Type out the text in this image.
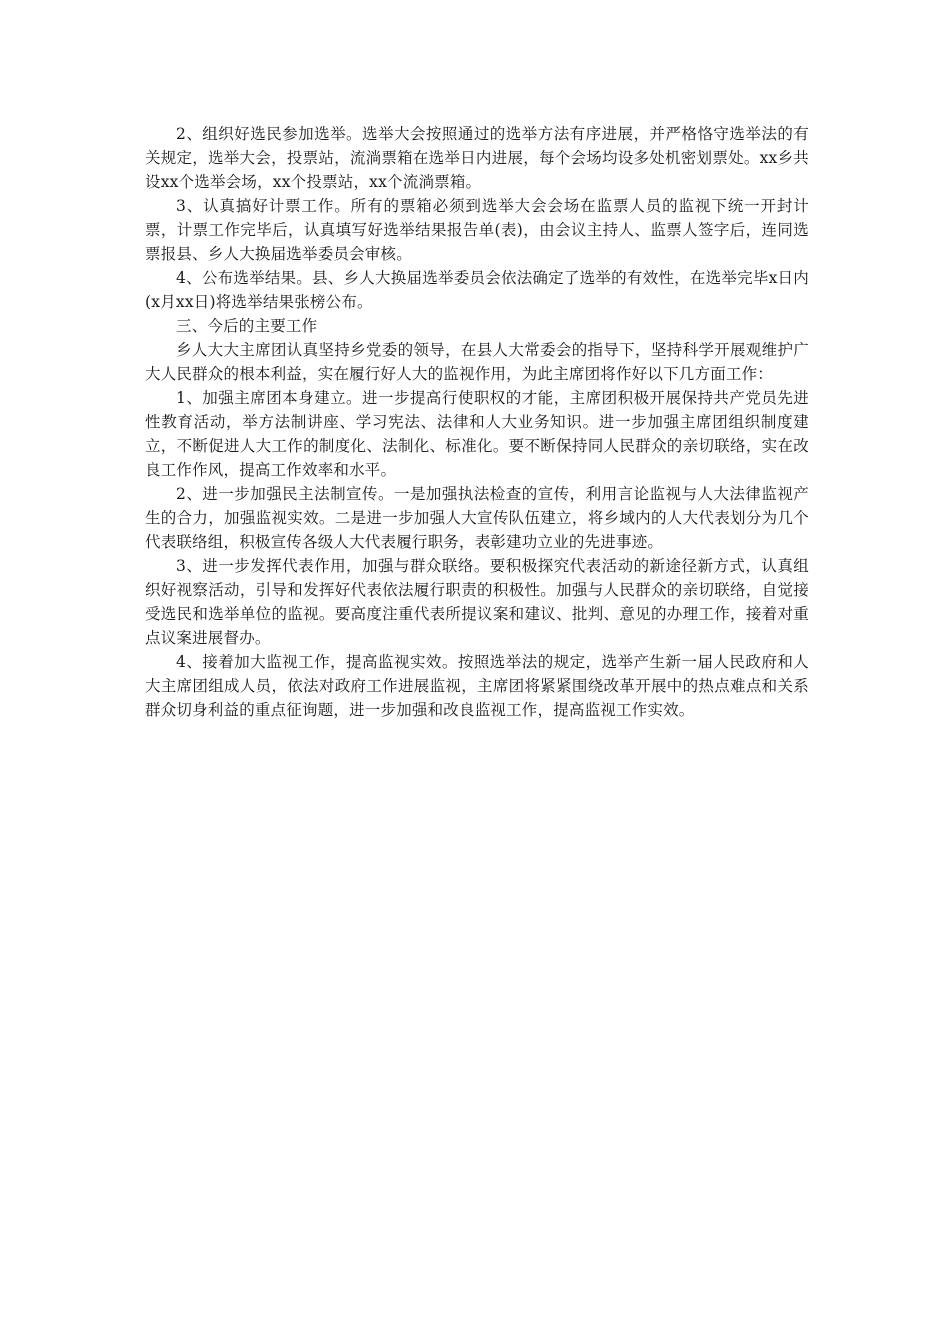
2、组织好选民参加选举。选举大会按照通过的选举方法有序进展，并严格恪守选举法的有关规定，选举大会，投票站，流淌票箱在选举日内进展，每个会场均设多处机密划票处。xx乡共设xx个选举会场，xx个投票站，xx个流淌票箱。

3、认真搞好计票工作。所有的票箱必须到选举大会会场在监票人员的监视下统一开封计票，计票工作完毕后，认真填写好选举结果报告单(表)，由会议主持人、监票人签字后，连同选票报县、乡人大换届选举委员会审核。

4、公布选举结果。县、乡人大换届选举委员会依法确定了选举的有效性，在选举完毕x日内(x月xx日)将选举结果张榜公布。

三、今后的主要工作

乡人大大主席团认真坚持乡党委的领导，在县人大常委会的指导下，坚持科学开展观维护广大人民群众的根本利益，实在履行好人大的监视作用，为此主席团将作好以下几方面工作：

1、加强主席团本身建立。进一步提高行使职权的才能，主席团积极开展保持共产党员先进性教育活动，举方法制讲座、学习宪法、法律和人大业务知识。进一步加强主席团组织制度建立，不断促进人大工作的制度化、法制化、标准化。要不断保持同人民群众的亲切联络，实在改良工作作风，提高工作效率和水平。

2、进一步加强民主法制宣传。一是加强执法检查的宣传，利用言论监视与人大法律监视产生的合力，加强监视实效。二是进一步加强人大宣传队伍建立，将乡域内的人大代表划分为几个代表联络组，积极宣传各级人大代表履行职务，表彰建功立业的先进事迹。

3、进一步发挥代表作用，加强与群众联络。要积极探究代表活动的新途径新方式，认真组织好视察活动，引导和发挥好代表依法履行职责的积极性。加强与人民群众的亲切联络，自觉接受选民和选举单位的监视。要高度注重代表所提议案和建议、批判、意见的办理工作，接着对重点议案进展督办。

4、接着加大监视工作，提高监视实效。按照选举法的规定，选举产生新一届人民政府和人大主席团组成人员，依法对政府工作进展监视，主席团将紧紧围绕改革开展中的热点难点和关系群众切身利益的重点征询题，进一步加强和改良监视工作，提高监视工作实效。
